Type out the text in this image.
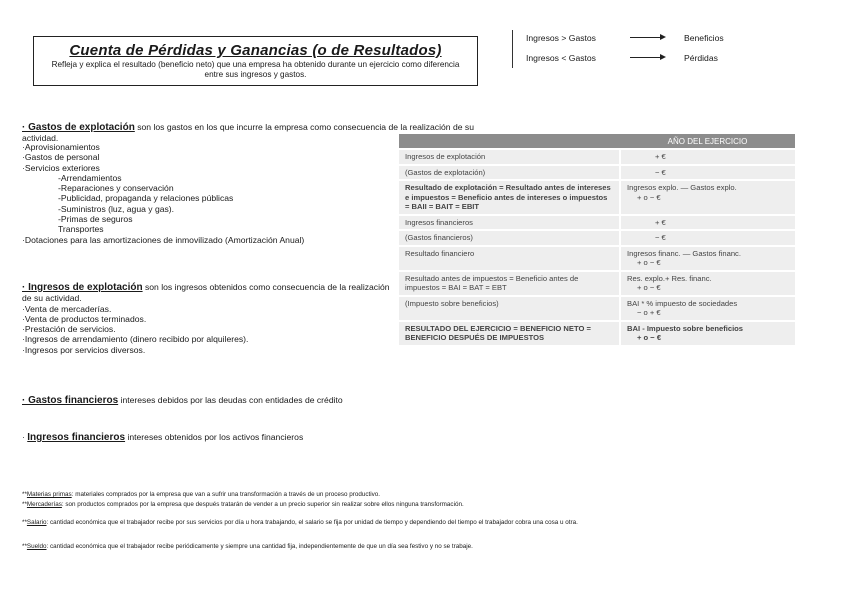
Cuenta de Pérdidas y Ganancias (o de Resultados)
Refleja y explica el resultado (beneficio neto) que una empresa ha obtenido durante un ejercicio como diferencia entre sus ingresos y gastos.
Ingresos > Gastos	Beneficios
Ingresos < Gastos	Pérdidas
· Gastos de explotación son los gastos en los que incurre la empresa como consecuencia de la realización de su actividad.
·Aprovisionamientos
·Gastos de personal
·Servicios exteriores
-Arrendamientos
-Reparaciones y conservación
-Publicidad, propaganda y relaciones públicas
-Suministros (luz, agua y gas).
-Primas de seguros
Transportes
·Dotaciones para las amortizaciones de inmovilizado (Amortización Anual)
· Ingresos de explotación son los ingresos obtenidos como consecuencia de la realización de su actividad.
·Venta de mercaderías.
·Venta de productos terminados.
·Prestación de servicios.
·Ingresos de arrendamiento (dinero recibido por alquileres).
·Ingresos por servicios diversos.
· Gastos financieros intereses debidos por las deudas con entidades de crédito
· Ingresos financieros intereses obtenidos por los activos financieros
	AÑO DEL EJERCICIO
Ingresos de explotación	+ €
(Gastos de explotación)	− €
Resultado de explotación = Resultado antes de intereses e impuestos = Beneficio antes de intereses o impuestos = BAII = BAIT = EBIT	Ingresos explo. — Gastos explo.
+ o − €

Ingresos financieros	+ €
(Gastos financieros)	− €
Resultado financiero	Ingresos financ. — Gastos financ.
+ o − €

Resultado antes de impuestos = Beneficio antes de impuestos = BAI = BAT = EBT	Res. explo.+ Res. financ.
+ o − €

(Impuesto sobre beneficios)	BAI * % impuesto de sociedades
− o + €

RESULTADO DEL EJERCICIO = BENEFICIO NETO = BENEFICIO DESPUÉS DE IMPUESTOS	BAI - Impuesto sobre beneficios
+ o − €
**Materias primas: materiales comprados por la empresa que van a sufrir una transformación a través de un proceso productivo.
**Mercaderías: son productos comprados por la empresa que después tratarán de vender a un precio superior sin realizar sobre ellos ninguna transformación.
**Salario: cantidad económica que el trabajador recibe por sus servicios por día u hora trabajando, el salario se fija por unidad de tiempo y dependiendo del tiempo el trabajador cobra una cosa u otra.
**Sueldo: cantidad económica que el trabajador recibe periódicamente y siempre una cantidad fija, independientemente de que un día sea festivo y no se trabaje.
